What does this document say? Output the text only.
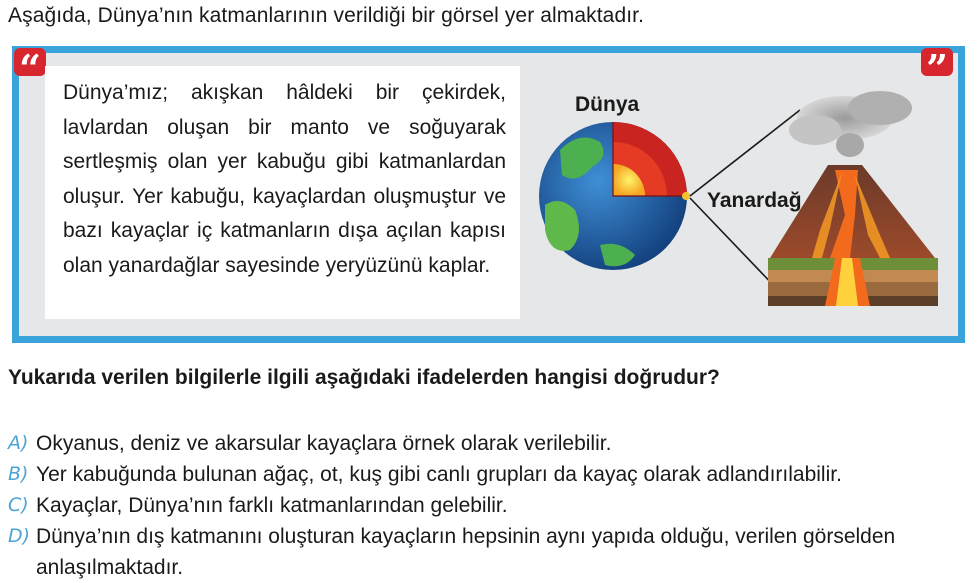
Aşağıda, Dünya’nın katmanlarının verildiği bir görsel yer almaktadır.
“	”

Dünya’mız; akışkan hâldeki bir çekirdek, lavlardan oluşan bir manto ve soğuyarak sertleşmiş olan yer kabuğu gibi katmanlardan oluşur. Yer kabuğu, kayaçlardan oluşmuştur ve bazı kayaçlar iç katmanların dışa açılan kapısı olan yanardağlar sayesinde yeryüzünü kaplar.

Dünya
Yanardağ
Yukarıda verilen bilgilerle ilgili aşağıdaki ifadelerden hangisi doğrudur?
A) Okyanus, deniz ve akarsular kayaçlara örnek olarak verilebilir.
B) Yer kabuğunda bulunan ağaç, ot, kuş gibi canlı grupları da kayaç olarak adlandırılabilir.
C) Kayaçlar, Dünya’nın farklı katmanlarından gelebilir.
D) Dünya’nın dış katmanını oluşturan kayaçların hepsinin aynı yapıda olduğu, verilen görselden anlaşılmaktadır.
